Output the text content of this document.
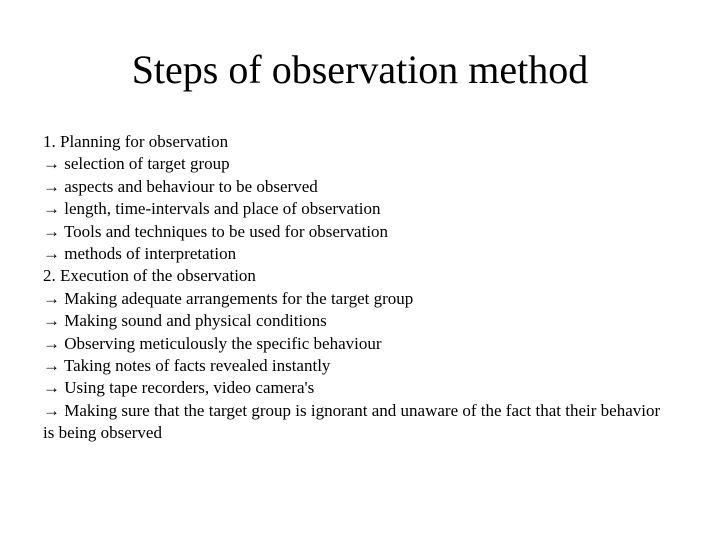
Steps of observation method
1. Planning for observation
→ selection of target group
→ aspects and behaviour to be observed
→ length, time-intervals and place of observation
→ Tools and techniques to be used for observation
→ methods of interpretation
2. Execution of the observation
→ Making adequate arrangements for the target group
→ Making sound and physical conditions
→ Observing meticulously the specific behaviour
→ Taking notes of facts revealed instantly
→ Using tape recorders, video camera's
→ Making sure that the target group is ignorant and unaware of the fact that their behavior is being observed
